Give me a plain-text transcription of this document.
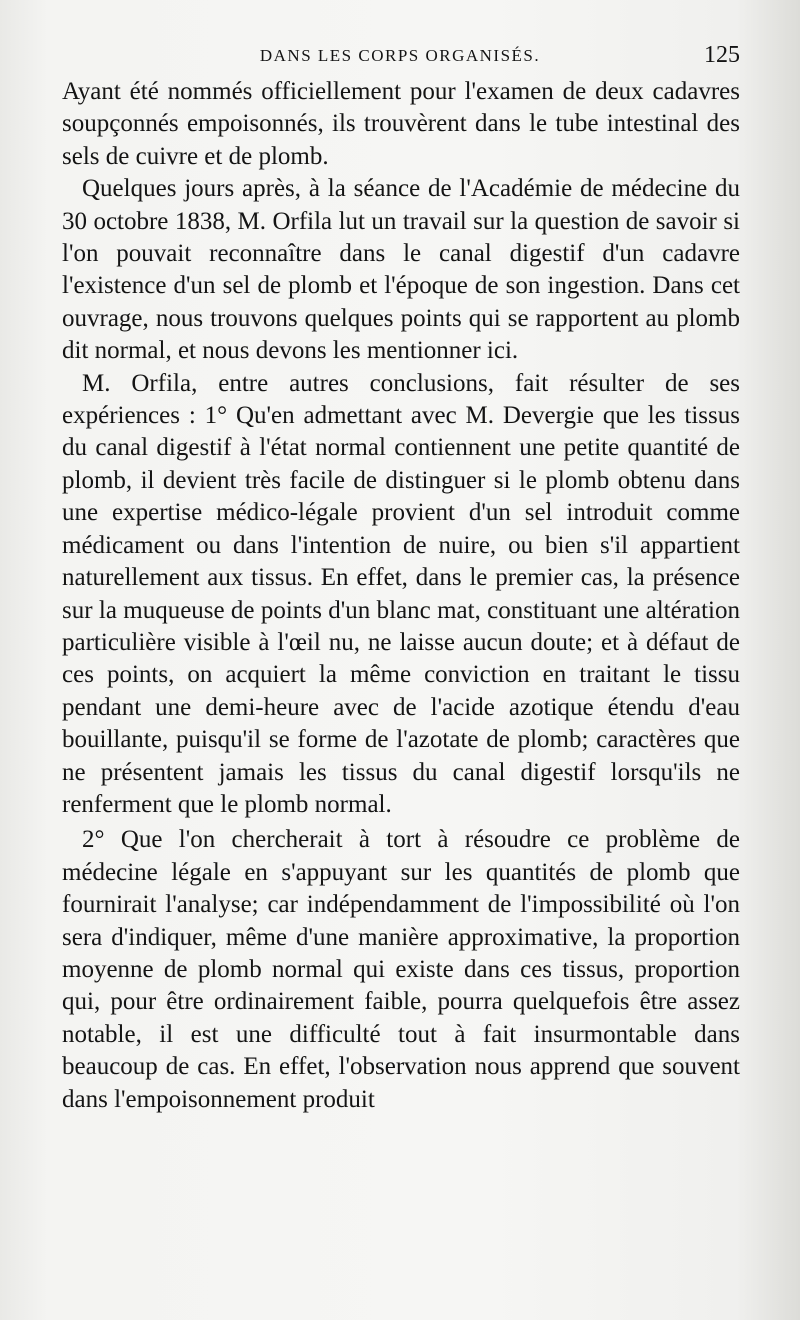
DANS LES CORPS ORGANISÉS.	125

Ayant été nommés officiellement pour l'examen de deux cadavres soupçonnés empoisonnés, ils trouvèrent dans le tube intestinal des sels de cuivre et de plomb.

Quelques jours après, à la séance de l'Académie de médecine du 30 octobre 1838, M. Orfila lut un travail sur la question de savoir si l'on pouvait reconnaître dans le canal digestif d'un cadavre l'existence d'un sel de plomb et l'époque de son ingestion. Dans cet ouvrage, nous trouvons quelques points qui se rapportent au plomb dit normal, et nous devons les mentionner ici.

M. Orfila, entre autres conclusions, fait résulter de ses expériences : 1° Qu'en admettant avec M. Devergie que les tissus du canal digestif à l'état normal contiennent une petite quantité de plomb, il devient très facile de distinguer si le plomb obtenu dans une expertise médico-légale provient d'un sel introduit comme médicament ou dans l'intention de nuire, ou bien s'il appartient naturellement aux tissus. En effet, dans le premier cas, la présence sur la muqueuse de points d'un blanc mat, constituant une altération particulière visible à l'œil nu, ne laisse aucun doute; et à défaut de ces points, on acquiert la même conviction en traitant le tissu pendant une demi-heure avec de l'acide azotique étendu d'eau bouillante, puisqu'il se forme de l'azotate de plomb; caractères que ne présentent jamais les tissus du canal digestif lorsqu'ils ne renferment que le plomb normal.

2° Que l'on chercherait à tort à résoudre ce problème de médecine légale en s'appuyant sur les quantités de plomb que fournirait l'analyse; car indépendamment de l'impossibilité où l'on sera d'indiquer, même d'une manière approximative, la proportion moyenne de plomb normal qui existe dans ces tissus, proportion qui, pour être ordinairement faible, pourra quelquefois être assez notable, il est une difficulté tout à fait insurmontable dans beaucoup de cas. En effet, l'observation nous apprend que souvent dans l'empoisonnement produit
